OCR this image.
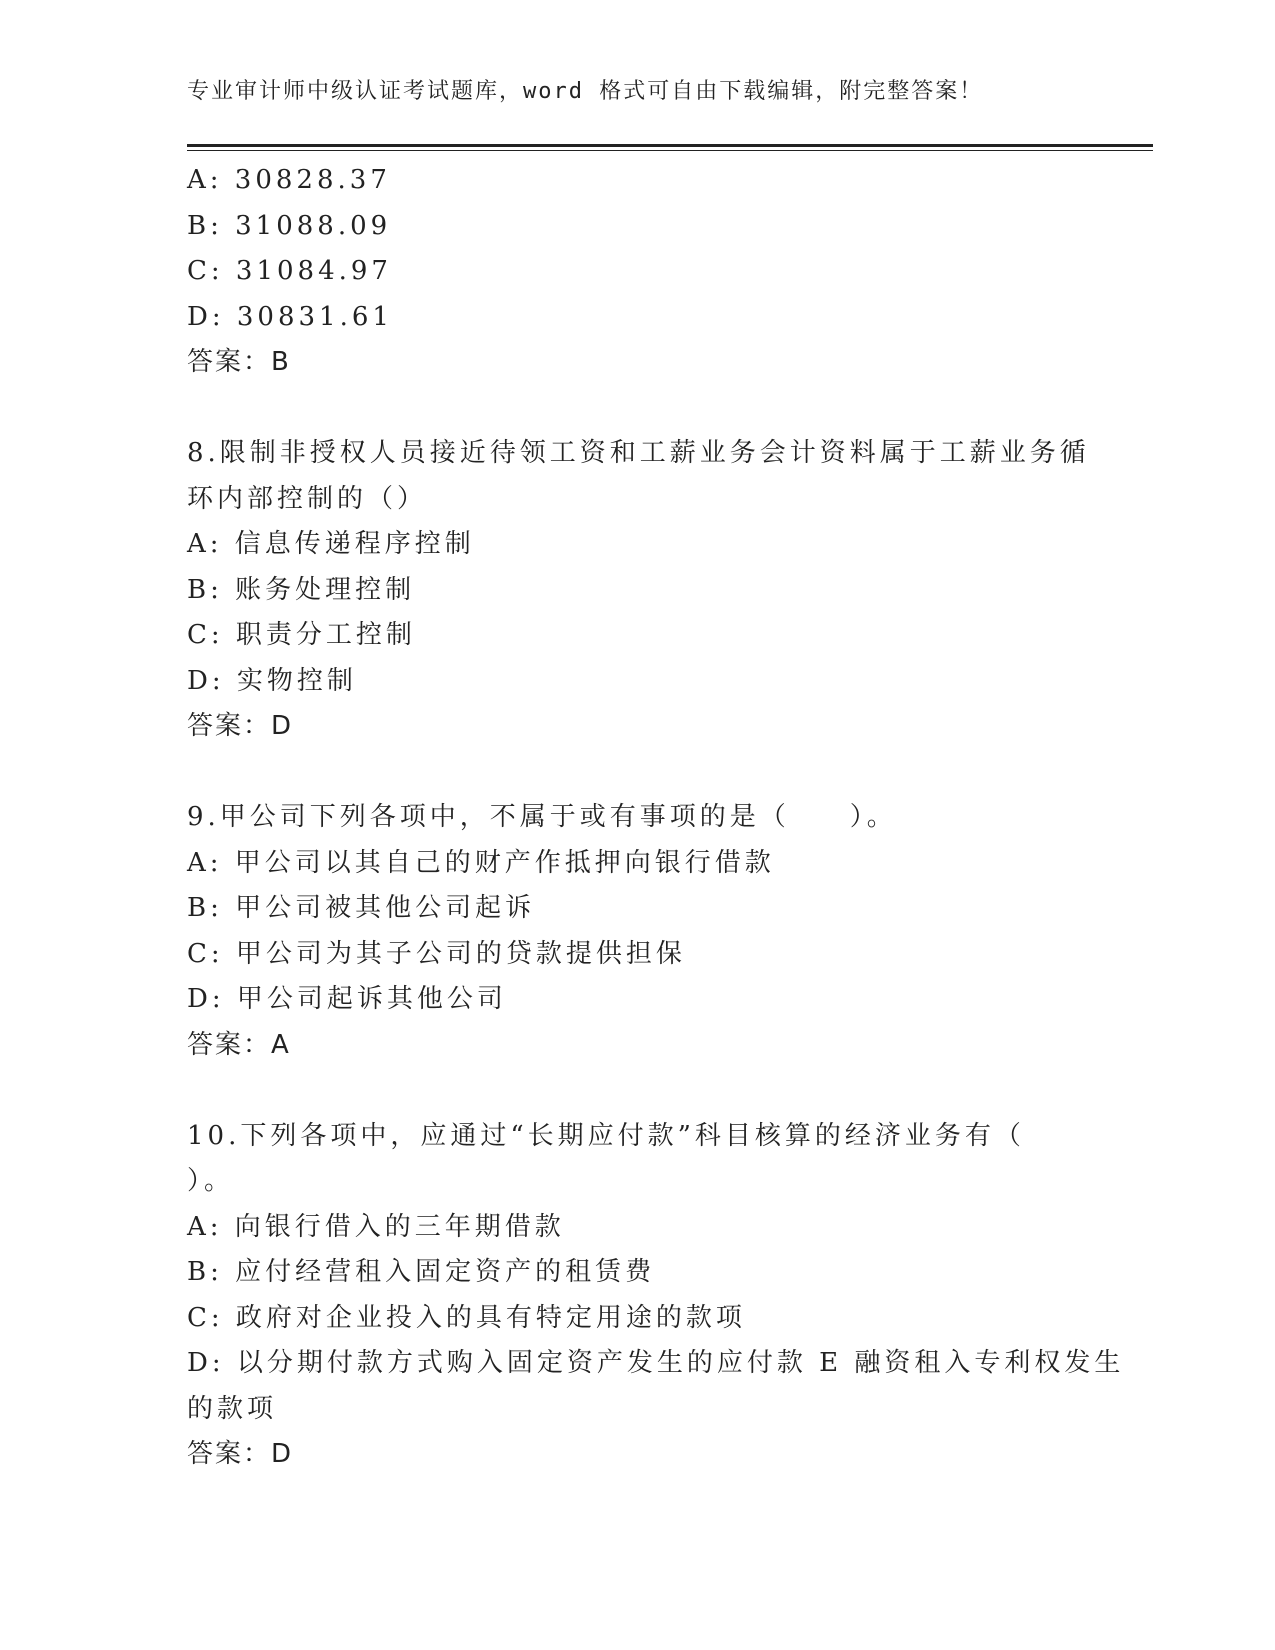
专业审计师中级认证考试题库，word 格式可自由下载编辑，附完整答案！
A: 30828.37
B: 31088.09
C: 31084.97
D: 30831.61
答案：B
8.限制非授权人员接近待领工资和工薪业务会计资料属于工薪业务循
环内部控制的（）
A: 信息传递程序控制
B: 账务处理控制
C: 职责分工控制
D: 实物控制
答案：D
9.甲公司下列各项中，不属于或有事项的是（　　）。
A: 甲公司以其自己的财产作抵押向银行借款
B: 甲公司被其他公司起诉
C: 甲公司为其子公司的贷款提供担保
D: 甲公司起诉其他公司
答案：A
10.下列各项中，应通过“长期应付款”科目核算的经济业务有（
）。
A: 向银行借入的三年期借款
B: 应付经营租入固定资产的租赁费
C: 政府对企业投入的具有特定用途的款项
D: 以分期付款方式购入固定资产发生的应付款 E 融资租入专利权发生
的款项
答案：D
